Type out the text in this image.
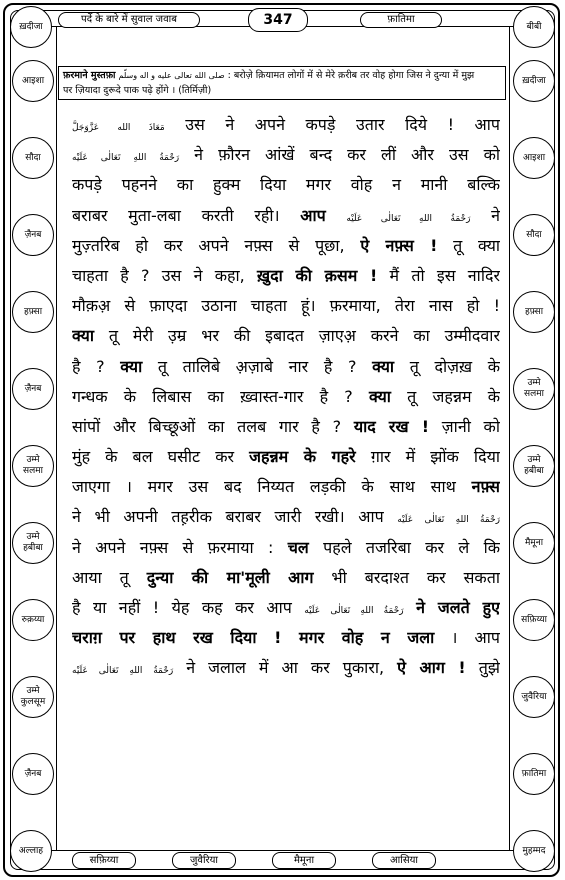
पर्दे के बारे में सुवाल जवाब	347	फ़ातिमा
ख़दीजा	बीबी
आइशा
सौदा
ज़ैनब
हफ़्सा
ज़ैनब
उम्मे सलमा
उम्मे हबीबा
रुक़य्या
उम्मे कुलसूम
ज़ैनब
ख़दीजा
आइशा
सौदा
हफ़्सा
उम्मे सलमा
उम्मे हबीबा
मैमूना
सफ़िय्या
जुवैरिया
फ़ातिमा
फ़रमाने मुस्तफ़ा صلى الله تعالى عليه و اله وسلّم : बरोज़े क़ियामत लोगों में से मेरे क़रीब तर वोह होगा जिस ने दुन्या में मुझ
पर ज़ियादा दुरूदे पाक पढ़े होंगे । (तिर्मिज़ी)
مَعَاذَ الله عَزَّوَجَلَّ उस ने अपने कपड़े उतार दिये ! आप
رَحْمَةُ اللهِ تَعَالٰى عَلَيْه ने फ़ौरन आंखें बन्द कर लीं और उस को
कपड़े पहनने का हुक्म दिया मगर वोह न मानी बल्कि
बराबर मुता-लबा करती रही। आप رَحْمَةُ اللهِ تَعَالٰى عَلَيْه ने
मुज़्तरिब हो कर अपने नफ़्स से पूछा, ऐ नफ़्स ! तू क्या
चाहता है ? उस ने कहा, ख़ुदा की क़सम ! मैं तो इस नादिर
मौक़अ़ से फ़ाएदा उठाना चाहता हूं। फ़रमाया, तेरा नास हो !
क्या तू मेरी उ़म्र भर की इबादत ज़ाएअ़ करने का उम्मीदवार
है ? क्या तू तालिबे अ़ज़ाबे नार है ? क्या तू दोज़ख़ के
गन्धक के लिबास का ख़्वास्त-गार है ? क्या तू जहन्नम के
सांपों और बिच्छूओं का तलब गार है ? याद रख ! ज़ानी को
मुंह के बल घसीट कर जहन्नम के गहरे ग़ार में झोंक दिया
जाएगा । मगर उस बद निय्यत लड़की के साथ साथ नफ़्स
ने भी अपनी तह़रीक बराबर जारी रखी। आप رَحْمَةُ اللهِ تَعَالٰى عَلَيْه
ने अपने नफ़्स से फ़रमाया : चल पहले तजरिबा कर ले कि
आया तू दुन्या की मा'मूली आग भी बरदाश्त कर सकता
है या नहीं ! येह कह कर आप رَحْمَةُ اللهِ تَعَالٰى عَلَيْه ने जलते हुए
चराग़ पर हाथ रख दिया ! मगर वोह न जला । आप
رَحْمَةُ اللهِ تَعَالٰى عَلَيْه ने जलाल में आ कर पुकारा, ऐ आग ! तुझे
सफ़िय्या	जुवैरिया	मैमूना	आसिया
अल्लाह	मुहम्मद
